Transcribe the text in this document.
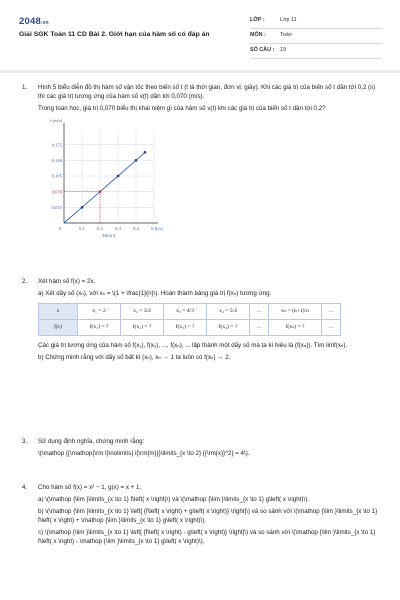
2048.vn
Giải SGK Toán 11 CD Bài 2. Giới hạn của hàm số có đáp án
LỚP :	Lớp 11
MÔN :	Toán
SỐ CÂU :	19
1. Hình 5 biểu diễn đồ thị hàm số vận tốc theo biến số t (t là thời gian, đơn vị: giây). Khi các giá trị của biến số t dần tới 0,2 (s) thì các giá trị tương ứng của hàm số v(t) dần tới 0,070 (m/s).

Trong toán học, giá trị 0,070 biểu thị khái niệm gì của hàm số v(t) khi các giá trị của biến số t dần tới 0,2?

0	0,1	0,2	0,3	0,4	0,5
0,035
0,070
0,105
0,140
0,175
v (m/s)
t (s)
Hình 5
2. Xét hàm số f(x) = 2x.

a) Xét dãy số (xₙ), với xₙ = \(1 + \frac{1}{n}\). Hoàn thành bảng giá trị f(xₙ) tương ứng.

x	x₁ = 2	x₂ = 3/2	x₃ = 4/3	x₄ = 5/4	...	xₙ = (n+1)/n	...
f(x)	f(x₁) = ?	f(x₂) = ?	f(x₃) = ?	f(x₄) = ?	...	f(xₙ) = ?	...

Các giá trị tương ứng của hàm số f(x₁), f(x₂), ..., f(xₙ), ... lập thành một dãy số mà ta kí hiệu là (f(xₙ)). Tìm limf(xₙ).

b) Chứng minh rằng với dãy số bất kì (xₙ), xₙ → 1 ta luôn có f(xₙ) → 2.

3. Sử dụng định nghĩa, chứng minh rằng:

\(\mathop {{\mathop{\rm l}\nolimits} i{\rm{m}}}\limits_{x \to 2} {{\rm{x}}^2} = 4\).

4. Cho hàm số f(x) = x² − 1, g(x) = x + 1.

a) \(\mathop {\lim }\limits_{x \to 1} f\left( x \right)\) và \(\mathop {\lim }\limits_{x \to 1} g\left( x \right)\).

b) \(\mathop {\lim }\limits_{x \to 1} \left[ {f\left( x \right) + g\left( x \right)} \right]\) và so sánh với \(\mathop {\lim }\limits_{x \to 1} f\left( x \right) + \mathop {\lim }\limits_{x \to 1} g\left( x \right)\).

c) \(\mathop {\lim }\limits_{x \to 1} \left[ {f\left( x \right) - g\left( x \right)} \right]\) và so sánh với \(\mathop {\lim }\limits_{x \to 1} f\left( x \right) - \mathop {\lim }\limits_{x \to 1} g\left( x \right)\).
